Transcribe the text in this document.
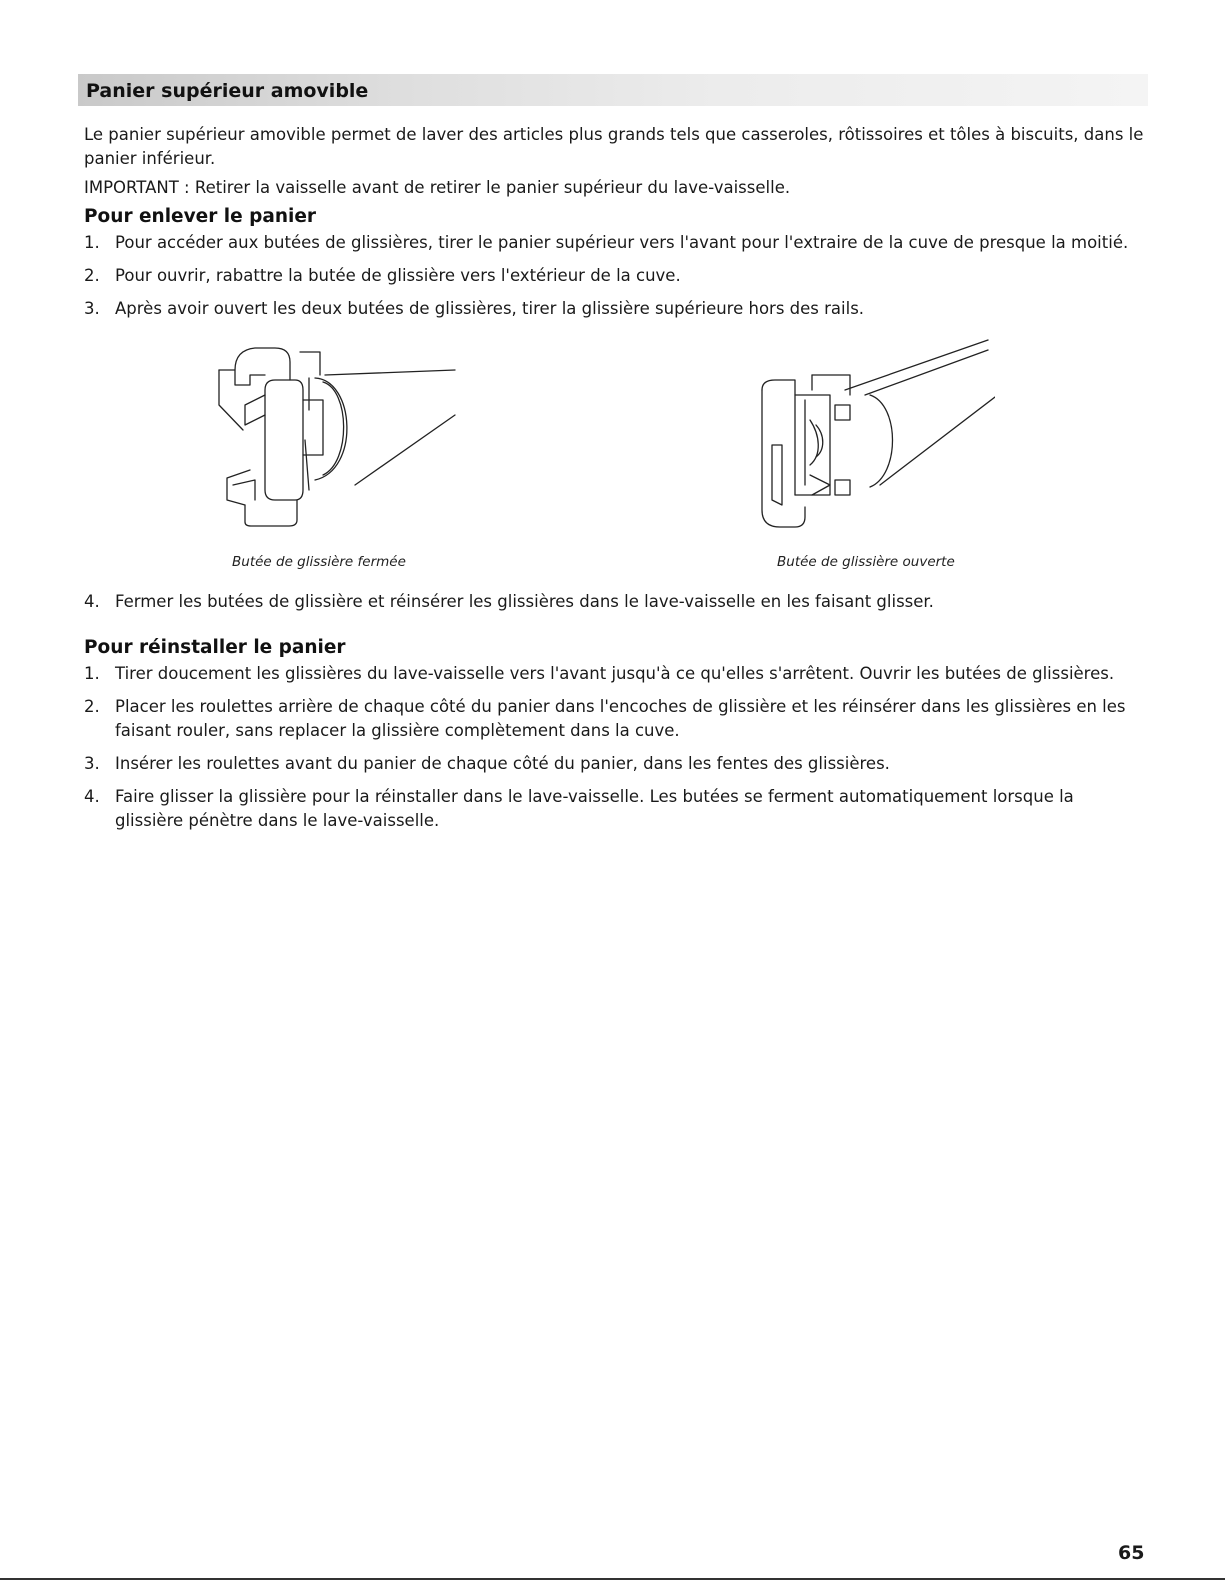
Panier supérieur amovible

Le panier supérieur amovible permet de laver des articles plus grands tels que casseroles, rôtissoires et tôles à biscuits, dans le panier inférieur.

IMPORTANT : Retirer la vaisselle avant de retirer le panier supérieur du lave-vaisselle.

Pour enlever le panier
1. Pour accéder aux butées de glissières, tirer le panier supérieur vers l'avant pour l'extraire de la cuve de presque la moitié.
2. Pour ouvrir, rabattre la butée de glissière vers l'extérieur de la cuve.
3. Après avoir ouvert les deux butées de glissières, tirer la glissière supérieure hors des rails.
Butée de glissière fermée	Butée de glissière ouverte
4. Fermer les butées de glissière et réinsérer les glissières dans le lave-vaisselle en les faisant glisser.
Pour réinstaller le panier
1. Tirer doucement les glissières du lave-vaisselle vers l'avant jusqu'à ce qu'elles s'arrêtent. Ouvrir les butées de glissières.
2. Placer les roulettes arrière de chaque côté du panier dans l'encoches de glissière et les réinsérer dans les glissières en les faisant rouler, sans replacer la glissière complètement dans la cuve.
3. Insérer les roulettes avant du panier de chaque côté du panier, dans les fentes des glissières.
4. Faire glisser la glissière pour la réinstaller dans le lave-vaisselle. Les butées se ferment automatiquement lorsque la glissière pénètre dans le lave-vaisselle.
65
